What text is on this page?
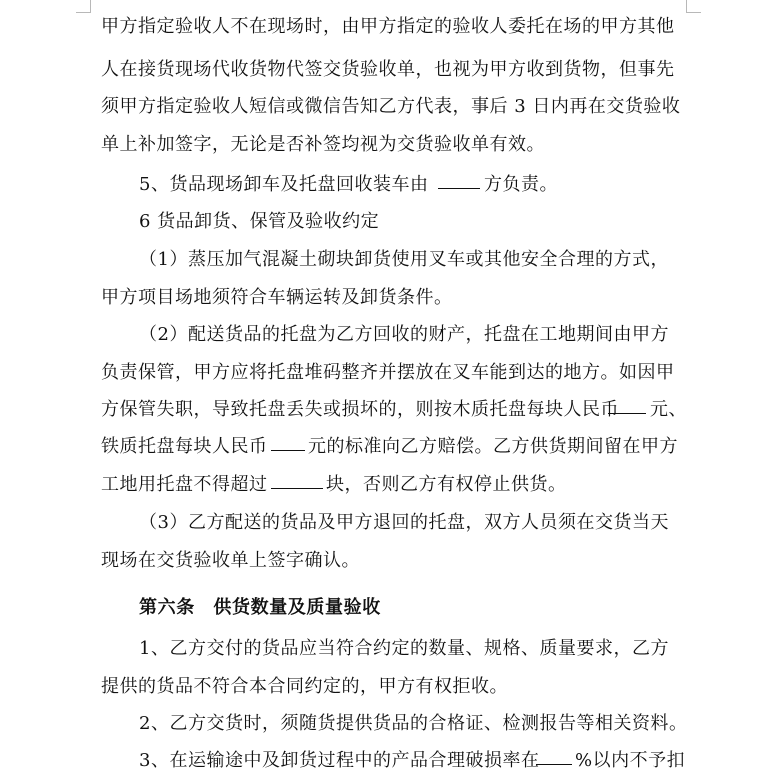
甲方指定验收人不在现场时，由甲方指定的验收人委托在场的甲方其他
人在接货现场代收货物代签交货验收单，也视为甲方收到货物，但事先
须甲方指定验收人短信或微信告知乙方代表，事后 3 日内再在交货验收
单上补加签字，无论是否补签均视为交货验收单有效。
5、货品现场卸车及托盘回收装车由	方负责。
6 货品卸货、保管及验收约定
（1）蒸压加气混凝土砌块卸货使用叉车或其他安全合理的方式，
甲方项目场地须符合车辆运转及卸货条件。
（2）配送货品的托盘为乙方回收的财产，托盘在工地期间由甲方
负责保管，甲方应将托盘堆码整齐并摆放在叉车能到达的地方。如因甲
方保管失职，导致托盘丢失或损坏的，则按木质托盘每块人民币 元、
铁质托盘每块人民币 元的标准向乙方赔偿。乙方供货期间留在甲方
工地用托盘不得超过	块，否则乙方有权停止供货。
（3）乙方配送的货品及甲方退回的托盘，双方人员须在交货当天
现场在交货验收单上签字确认。
第六条　供货数量及质量验收
1、乙方交付的货品应当符合约定的数量、规格、质量要求，乙方
提供的货品不符合本合同约定的，甲方有权拒收。
2、乙方交货时，须随货提供货品的合格证、检测报告等相关资料。
3、在运输途中及卸货过程中的产品合理破损率在 %以内不予扣
